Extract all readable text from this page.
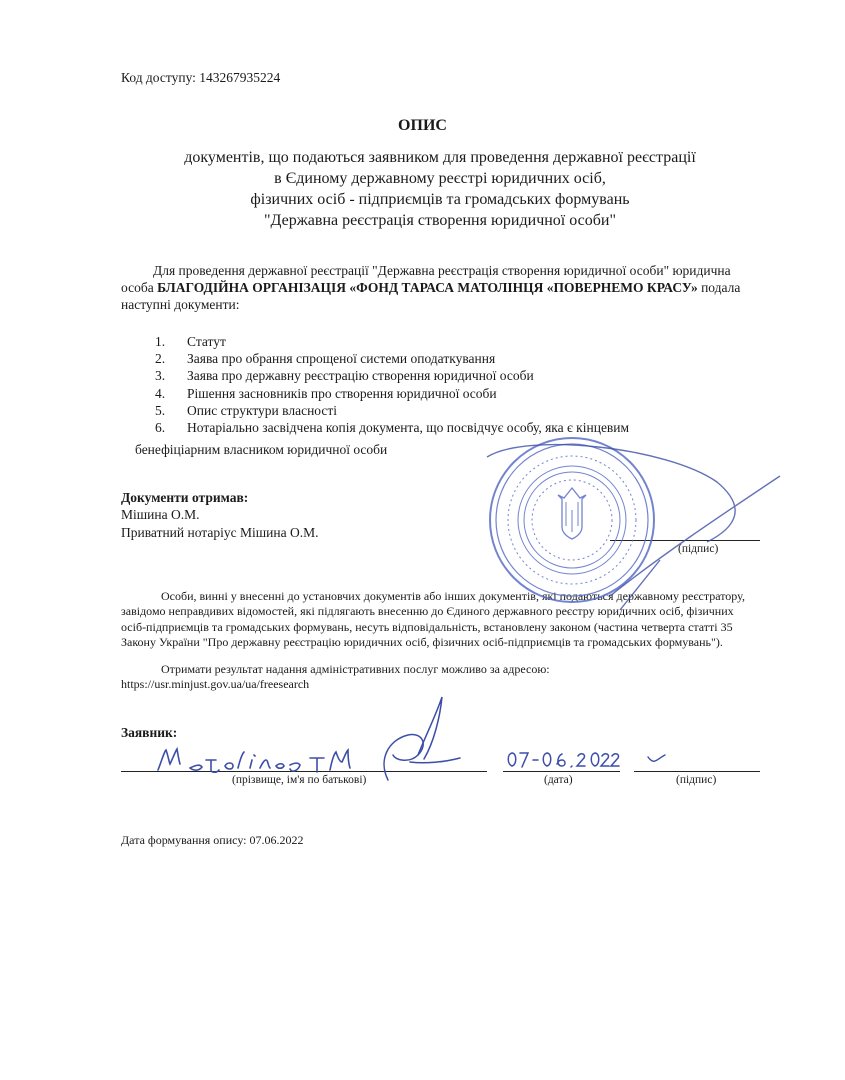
Код доступу: 143267935224
ОПИС
документів, що подаються заявником для проведення державної реєстрації
в Єдиному державному реєстрі юридичних осіб,
фізичних осіб - підприємців та громадських формувань
"Державна реєстрація створення юридичної особи"
Для проведення державної реєстрації "Державна реєстрація створення юридичної особи" юридична особа БЛАГОДІЙНА ОРГАНІЗАЦІЯ «ФОНД ТАРАСА МАТОЛІНЦЯ «ПОВЕРНЕМО КРАСУ» подала наступні документи:
1.	Статут
2.	Заява про обрання спрощеної системи оподаткування
3.	Заява про державну реєстрацію створення юридичної особи
4.	Рішення засновників про створення юридичної особи
5.	Опис структури власності
6.	Нотаріально засвідчена копія документа, що посвідчує особу, яка є кінцевим
бенефіціарним власником юридичної особи
Документи отримав:
Мішина О.М.
Приватний нотаріус Мішина О.М.
(підпис)
Особи, винні у внесенні до установчих документів або інших документів, які подаються державному реєстратору, завідомо неправдивих відомостей, які підлягають внесенню до Єдиного державного реєстру юридичних осіб, фізичних осіб-підприємців та громадських формувань, несуть відповідальність, встановлену законом (частина четверта статті 35 Закону України "Про державну реєстрацію юридичних осіб, фізичних осіб-підприємців та громадських формувань").
Отримати результат надання адміністративних послуг можливо за адресою:
https://usr.minjust.gov.ua/ua/freesearch
Заявник:
(прізвище, ім'я по батькові)	(дата)	(підпис)
Дата формування опису: 07.06.2022
